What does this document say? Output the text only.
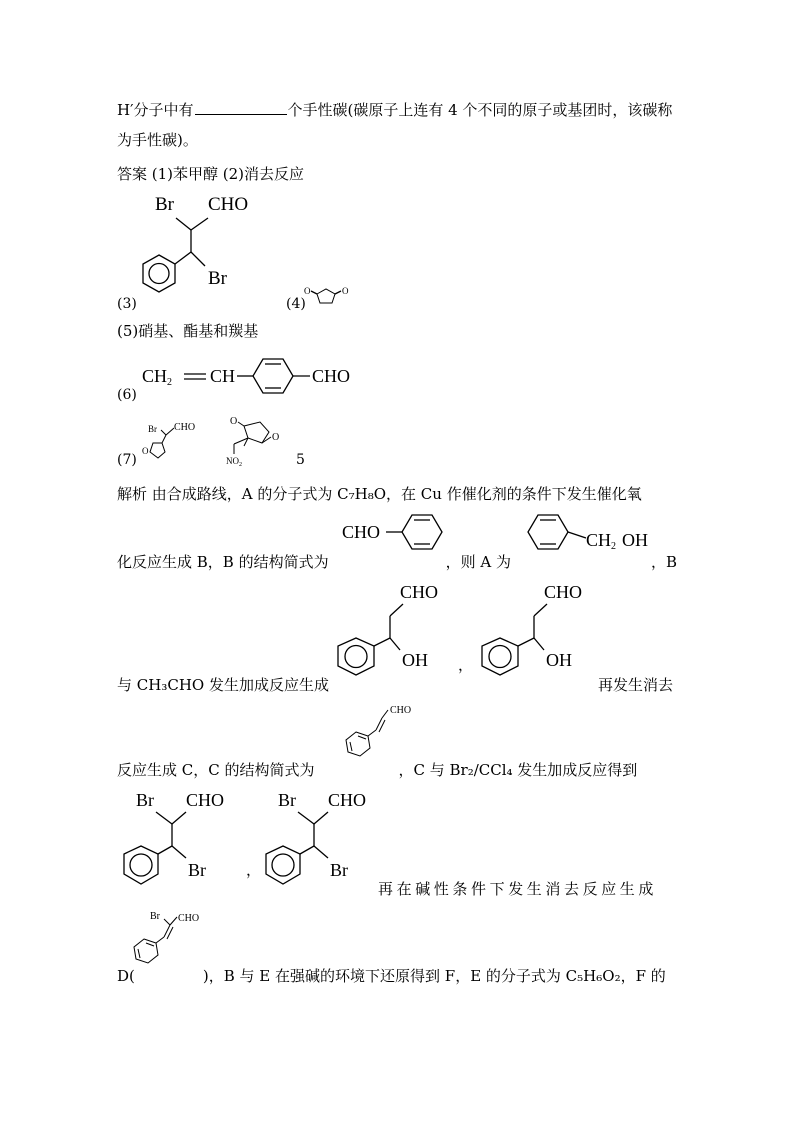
H′分子中有	个手性碳(碳原子上连有 4 个不同的原子或基团时，该碳称
为手性碳)。
答案 (1)苯甲醇 (2)消去反应
Br CHO
Br
(3)	(4)
O	O
(5)硝基、酯基和羰基
CH2 CH	CHO
(6)
(7)
Br CHO
O
O
O
$NO_2$	5
解析 由合成路线，A 的分子式为 C₇H₈O，在 Cu 作催化剂的条件下发生催化氧
CHO	CH2 OH
化反应生成 B，B 的结构简式为	，则 A 为	，B
CHO
OH
CHO
OH
与 CH₃CHO 发生加成反应生成
，
再发生消去
CHO
反应生成 C，C 的结构简式为	，C 与 Br₂/CCl₄ 发生加成反应得到
Br CHO
Br	，
Br CHO
Br
再在碱性条件下发生消去反应生成
Br CHO
D(	)，B 与 E 在强碱的环境下还原得到 F，E 的分子式为 C₅H₆O₂，F 的
